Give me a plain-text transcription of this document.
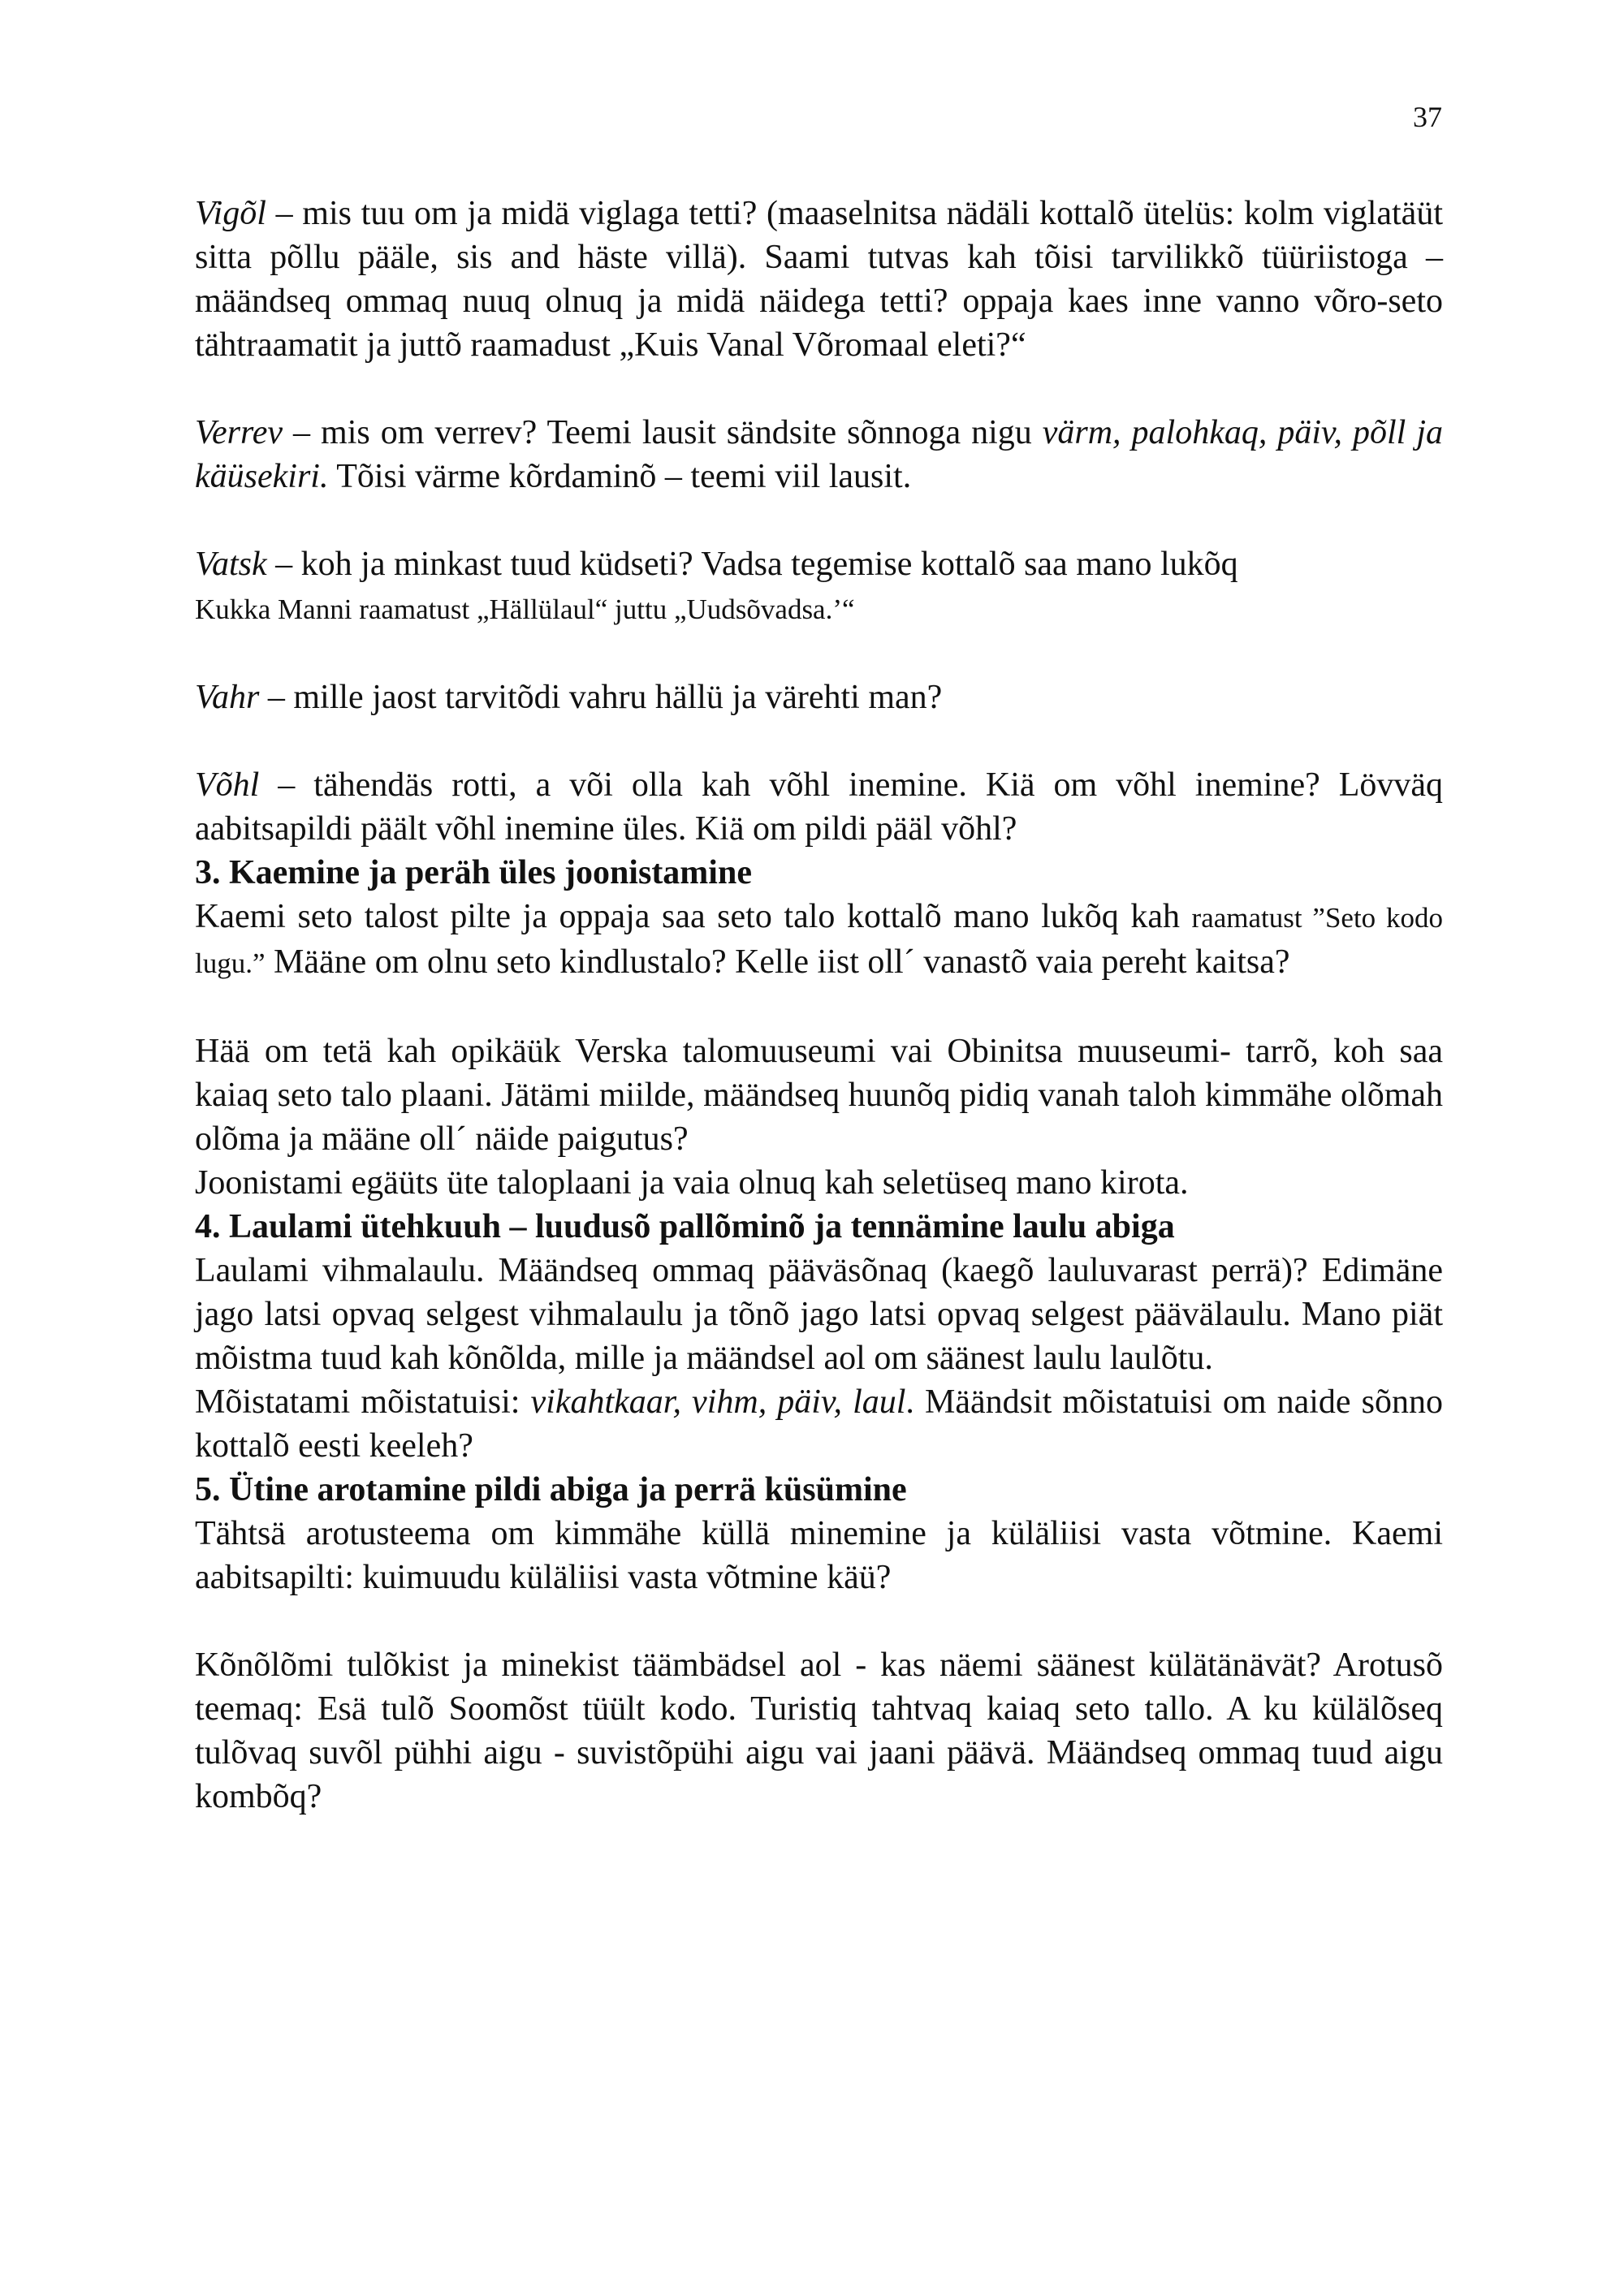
37

Vigõl – mis tuu om ja midä viglaga tetti? (maaselnitsa nädäli kottalõ ütelüs: kolm viglatäüt sitta põllu pääle, sis and häste villä). Saami tutvas kah tõisi tarvilikkõ tüüriistoga – määndseq ommaq nuuq olnuq ja midä näidega tetti? oppaja kaes inne vanno võro-seto tähtraamatit ja juttõ raamadust „Kuis Vanal Võromaal eleti?“

Verrev – mis om verrev? Teemi lausit sändsite sõnnoga nigu värm, palohkaq, päiv, põll ja käüsekiri. Tõisi värme kõrdaminõ – teemi viil lausit.

Vatsk – koh ja minkast tuud küdseti? Vadsa tegemise kottalõ saa mano lukõq
Kukka Manni raamatust „Hällülaul“ juttu „Uudsõvadsa.’“

Vahr – mille jaost tarvitõdi vahru hällü ja värehti man?

Võhl – tähendäs rotti, a või olla kah võhl inemine. Kiä om võhl inemine? Lövväq aabitsapildi päält võhl inemine üles. Kiä om pildi pääl võhl?

3. Kaemine ja peräh üles joonistamine

Kaemi seto talost pilte ja oppaja saa seto talo kottalõ mano lukõq kah raamatust ”Seto kodo lugu.” Määne om olnu seto kindlustalo? Kelle iist oll´ vanastõ vaia pereht kaitsa?

Hää om tetä kah opikäük Verska talomuuseumi vai Obinitsa muuseumi- tarrõ, koh saa kaiaq seto talo plaani. Jätämi miilde, määndseq huunõq pidiq vanah taloh kimmähe olõmah olõma ja määne oll´ näide paigutus?

Joonistami egäüts üte taloplaani ja vaia olnuq kah seletüseq mano kirota.

4. Laulami ütehkuuh – luudusõ pallõminõ ja tennämine laulu abiga

Laulami vihmalaulu. Määndseq ommaq pääväsõnaq (kaegõ lauluvarast perrä)? Edimäne jago latsi opvaq selgest vihmalaulu ja tõnõ jago latsi opvaq selgest päävälaulu. Mano piät mõistma tuud kah kõnõlda, mille ja määndsel aol om säänest laulu laulõtu.

Mõistatami mõistatuisi: vikahtkaar, vihm, päiv, laul. Määndsit mõistatuisi om naide sõnno kottalõ eesti keeleh?

5. Ütine arotamine pildi abiga ja perrä küsümine

Tähtsä arotusteema om kimmähe küllä minemine ja küläliisi vasta võtmine. Kaemi aabitsapilti: kuimuudu küläliisi vasta võtmine käü?

Kõnõlõmi tulõkist ja minekist täämbädsel aol - kas näemi säänest külätänävät? Arotusõ teemaq: Esä tulõ Soomõst tüült kodo. Turistiq tahtvaq kaiaq seto tallo. A ku külälõseq tulõvaq suvõl pühhi aigu - suvistõpühi aigu vai jaani päävä. Määndseq ommaq tuud aigu kombõq?
